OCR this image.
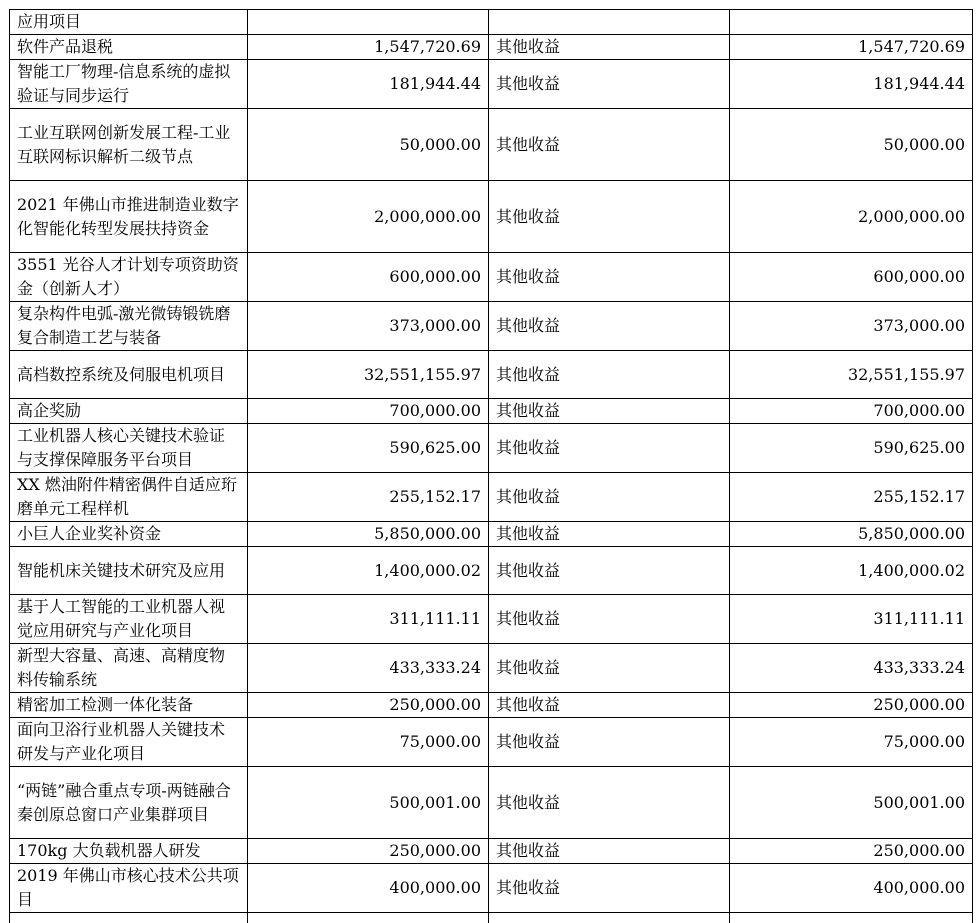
应用项目			
软件产品退税	1,547,720.69	其他收益	1,547,720.69
智能工厂物理-信息系统的虚拟验证与同步运行	181,944.44	其他收益	181,944.44
工业互联网创新发展工程-工业互联网标识解析二级节点	50,000.00	其他收益	50,000.00
2021 年佛山市推进制造业数字化智能化转型发展扶持资金	2,000,000.00	其他收益	2,000,000.00
3551 光谷人才计划专项资助资金（创新人才）	600,000.00	其他收益	600,000.00
复杂构件电弧-激光微铸锻铣磨复合制造工艺与装备	373,000.00	其他收益	373,000.00
高档数控系统及伺服电机项目	32,551,155.97	其他收益	32,551,155.97
高企奖励	700,000.00	其他收益	700,000.00
工业机器人核心关键技术验证与支撑保障服务平台项目	590,625.00	其他收益	590,625.00
XX 燃油附件精密偶件自适应珩磨单元工程样机	255,152.17	其他收益	255,152.17
小巨人企业奖补资金	5,850,000.00	其他收益	5,850,000.00
智能机床关键技术研究及应用	1,400,000.02	其他收益	1,400,000.02
基于人工智能的工业机器人视觉应用研究与产业化项目	311,111.11	其他收益	311,111.11
新型大容量、高速、高精度物料传输系统	433,333.24	其他收益	433,333.24
精密加工检测一体化装备	250,000.00	其他收益	250,000.00
面向卫浴行业机器人关键技术研发与产业化项目	75,000.00	其他收益	75,000.00
“两链”融合重点专项-两链融合秦创原总窗口产业集群项目	500,001.00	其他收益	500,001.00
170kg 大负载机器人研发	250,000.00	其他收益	250,000.00
2019 年佛山市核心技术公共项目	400,000.00	其他收益	400,000.00
